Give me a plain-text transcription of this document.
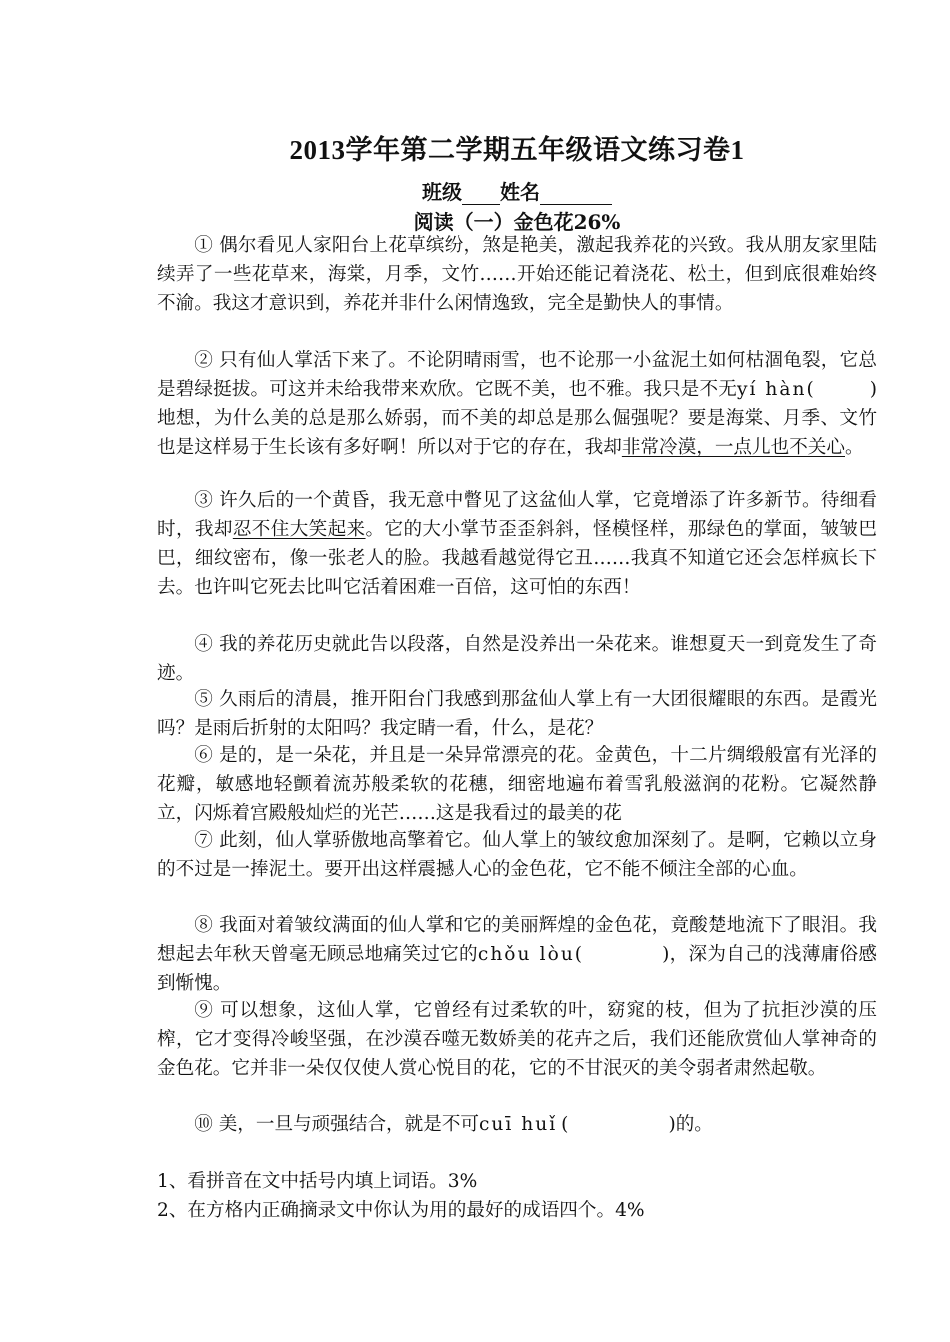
2013学年第二学期五年级语文练习卷1
班级 姓名
阅读（一）金色花26%

① 偶尔看见人家阳台上花草缤纷，煞是艳美，激起我养花的兴致。我从朋友家里陆续弄了一些花草来，海棠，月季，文竹……开始还能记着浇花、松土，但到底很难始终不渝。我这才意识到，养花并非什么闲情逸致，完全是勤快人的事情。

② 只有仙人掌活下来了。不论阴晴雨雪，也不论那一小盆泥土如何枯涸龟裂，它总是碧绿挺拔。可这并未给我带来欢欣。它既不美，也不雅。我只是不无yí hàn(	)地想，为什么美的总是那么娇弱，而不美的却总是那么倔强呢？要是海棠、月季、文竹也是这样易于生长该有多好啊！所以对于它的存在，我却非常冷漠，一点儿也不关心。

③ 许久后的一个黄昏，我无意中瞥见了这盆仙人掌，它竟增添了许多新节。待细看时，我却忍不住大笑起来。它的大小掌节歪歪斜斜，怪模怪样，那绿色的掌面，皱皱巴巴，细纹密布，像一张老人的脸。我越看越觉得它丑……我真不知道它还会怎样疯长下去。也许叫它死去比叫它活着困难一百倍，这可怕的东西！

④ 我的养花历史就此告以段落，自然是没养出一朵花来。谁想夏天一到竟发生了奇迹。

⑤ 久雨后的清晨，推开阳台门我感到那盆仙人掌上有一大团很耀眼的东西。是霞光吗？是雨后折射的太阳吗？我定睛一看，什么，是花？

⑥ 是的，是一朵花，并且是一朵异常漂亮的花。金黄色，十二片绸缎般富有光泽的花瓣，敏感地轻颤着流苏般柔软的花穗，细密地遍布着雪乳般滋润的花粉。它凝然静立，闪烁着宫殿般灿烂的光芒……这是我看过的最美的花

⑦ 此刻，仙人掌骄傲地高擎着它。仙人掌上的皱纹愈加深刻了。是啊，它赖以立身的不过是一捧泥土。要开出这样震撼人心的金色花，它不能不倾注全部的心血。

⑧ 我面对着皱纹满面的仙人掌和它的美丽辉煌的金色花，竟酸楚地流下了眼泪。我想起去年秋天曾毫无顾忌地痛笑过它的chǒu lòu(	)，深为自己的浅薄庸俗感到惭愧。

⑨ 可以想象，这仙人掌，它曾经有过柔软的叶，窈窕的枝，但为了抗拒沙漠的压榨，它才变得冷峻坚强，在沙漠吞噬无数娇美的花卉之后，我们还能欣赏仙人掌神奇的金色花。它并非一朵仅仅使人赏心悦目的花，它的不甘泯灭的美令弱者肃然起敬。

⑩ 美，一旦与顽强结合，就是不可cuī huǐ (	)的。

1、看拼音在文中括号内填上词语。3%

2、在方格内正确摘录文中你认为用的最好的成语四个。4%
